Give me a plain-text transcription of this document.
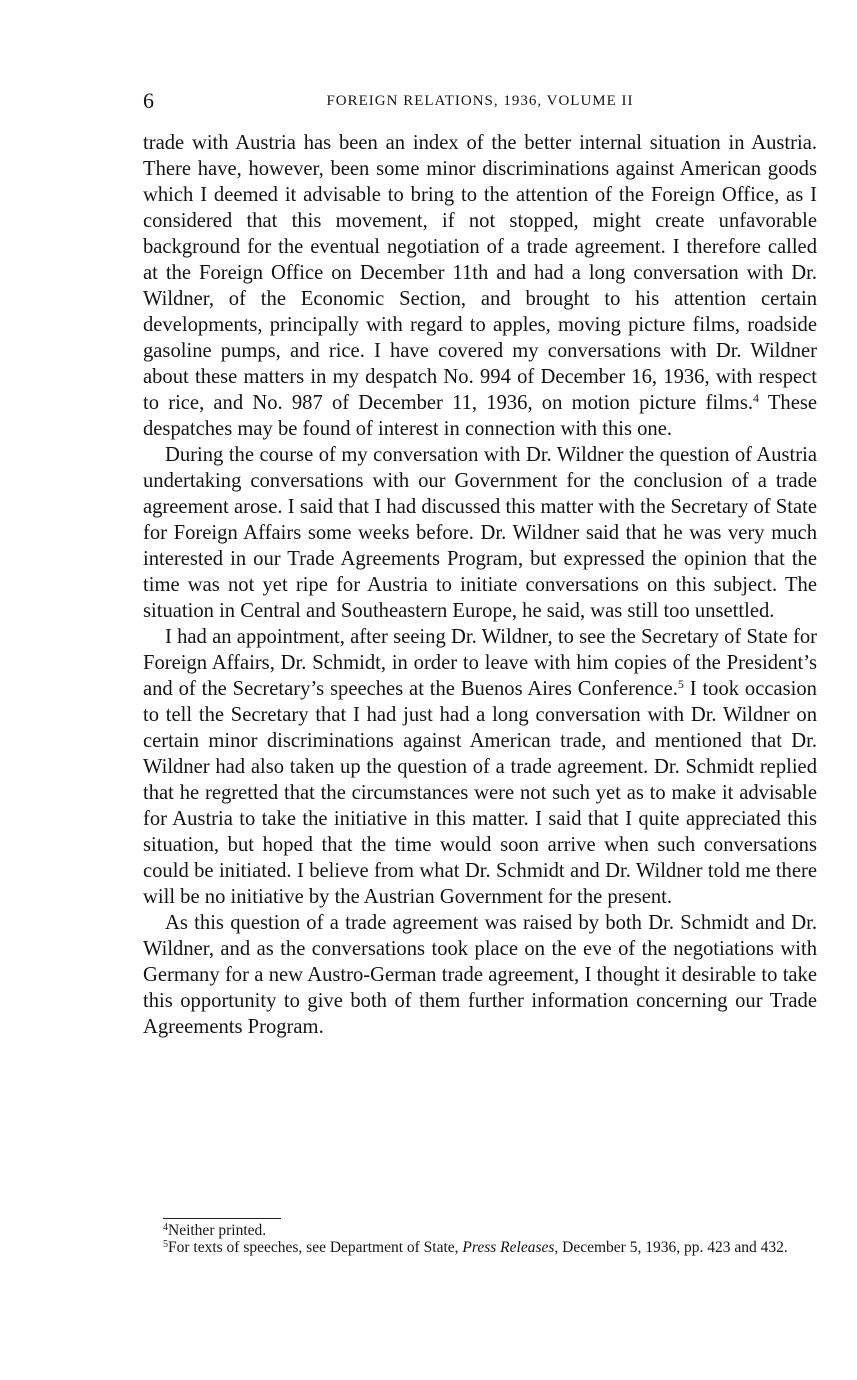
6	FOREIGN RELATIONS, 1936, VOLUME II

trade with Austria has been an index of the better internal situation in Austria. There have, however, been some minor discriminations against American goods which I deemed it advisable to bring to the attention of the Foreign Office, as I considered that this movement, if not stopped, might create unfavorable background for the eventual negotiation of a trade agreement. I therefore called at the Foreign Office on December 11th and had a long conversation with Dr. Wildner, of the Economic Section, and brought to his attention certain developments, principally with regard to apples, moving picture films, roadside gasoline pumps, and rice. I have covered my conversations with Dr. Wildner about these matters in my despatch No. 994 of December 16, 1936, with respect to rice, and No. 987 of December 11, 1936, on motion picture films.$^4$ These despatches may be found of interest in connection with this one.

During the course of my conversation with Dr. Wildner the question of Austria undertaking conversations with our Government for the conclusion of a trade agreement arose. I said that I had discussed this matter with the Secretary of State for Foreign Affairs some weeks before. Dr. Wildner said that he was very much interested in our Trade Agreements Program, but expressed the opinion that the time was not yet ripe for Austria to initiate conversations on this subject. The situation in Central and Southeastern Europe, he said, was still too unsettled.

I had an appointment, after seeing Dr. Wildner, to see the Secretary of State for Foreign Affairs, Dr. Schmidt, in order to leave with him copies of the President’s and of the Secretary’s speeches at the Buenos Aires Conference.$^5$ I took occasion to tell the Secretary that I had just had a long conversation with Dr. Wildner on certain minor discriminations against American trade, and mentioned that Dr. Wildner had also taken up the question of a trade agreement. Dr. Schmidt replied that he regretted that the circumstances were not such yet as to make it advisable for Austria to take the initiative in this matter. I said that I quite appreciated this situation, but hoped that the time would soon arrive when such conversations could be initiated. I believe from what Dr. Schmidt and Dr. Wildner told me there will be no initiative by the Austrian Government for the present.

As this question of a trade agreement was raised by both Dr. Schmidt and Dr. Wildner, and as the conversations took place on the eve of the negotiations with Germany for a new Austro-German trade agreement, I thought it desirable to take this opportunity to give both of them further information concerning our Trade Agreements Program.

$^4$Neither printed.

$^5$For texts of speeches, see Department of State, Press Releases, December 5, 1936, pp. 423 and 432.
